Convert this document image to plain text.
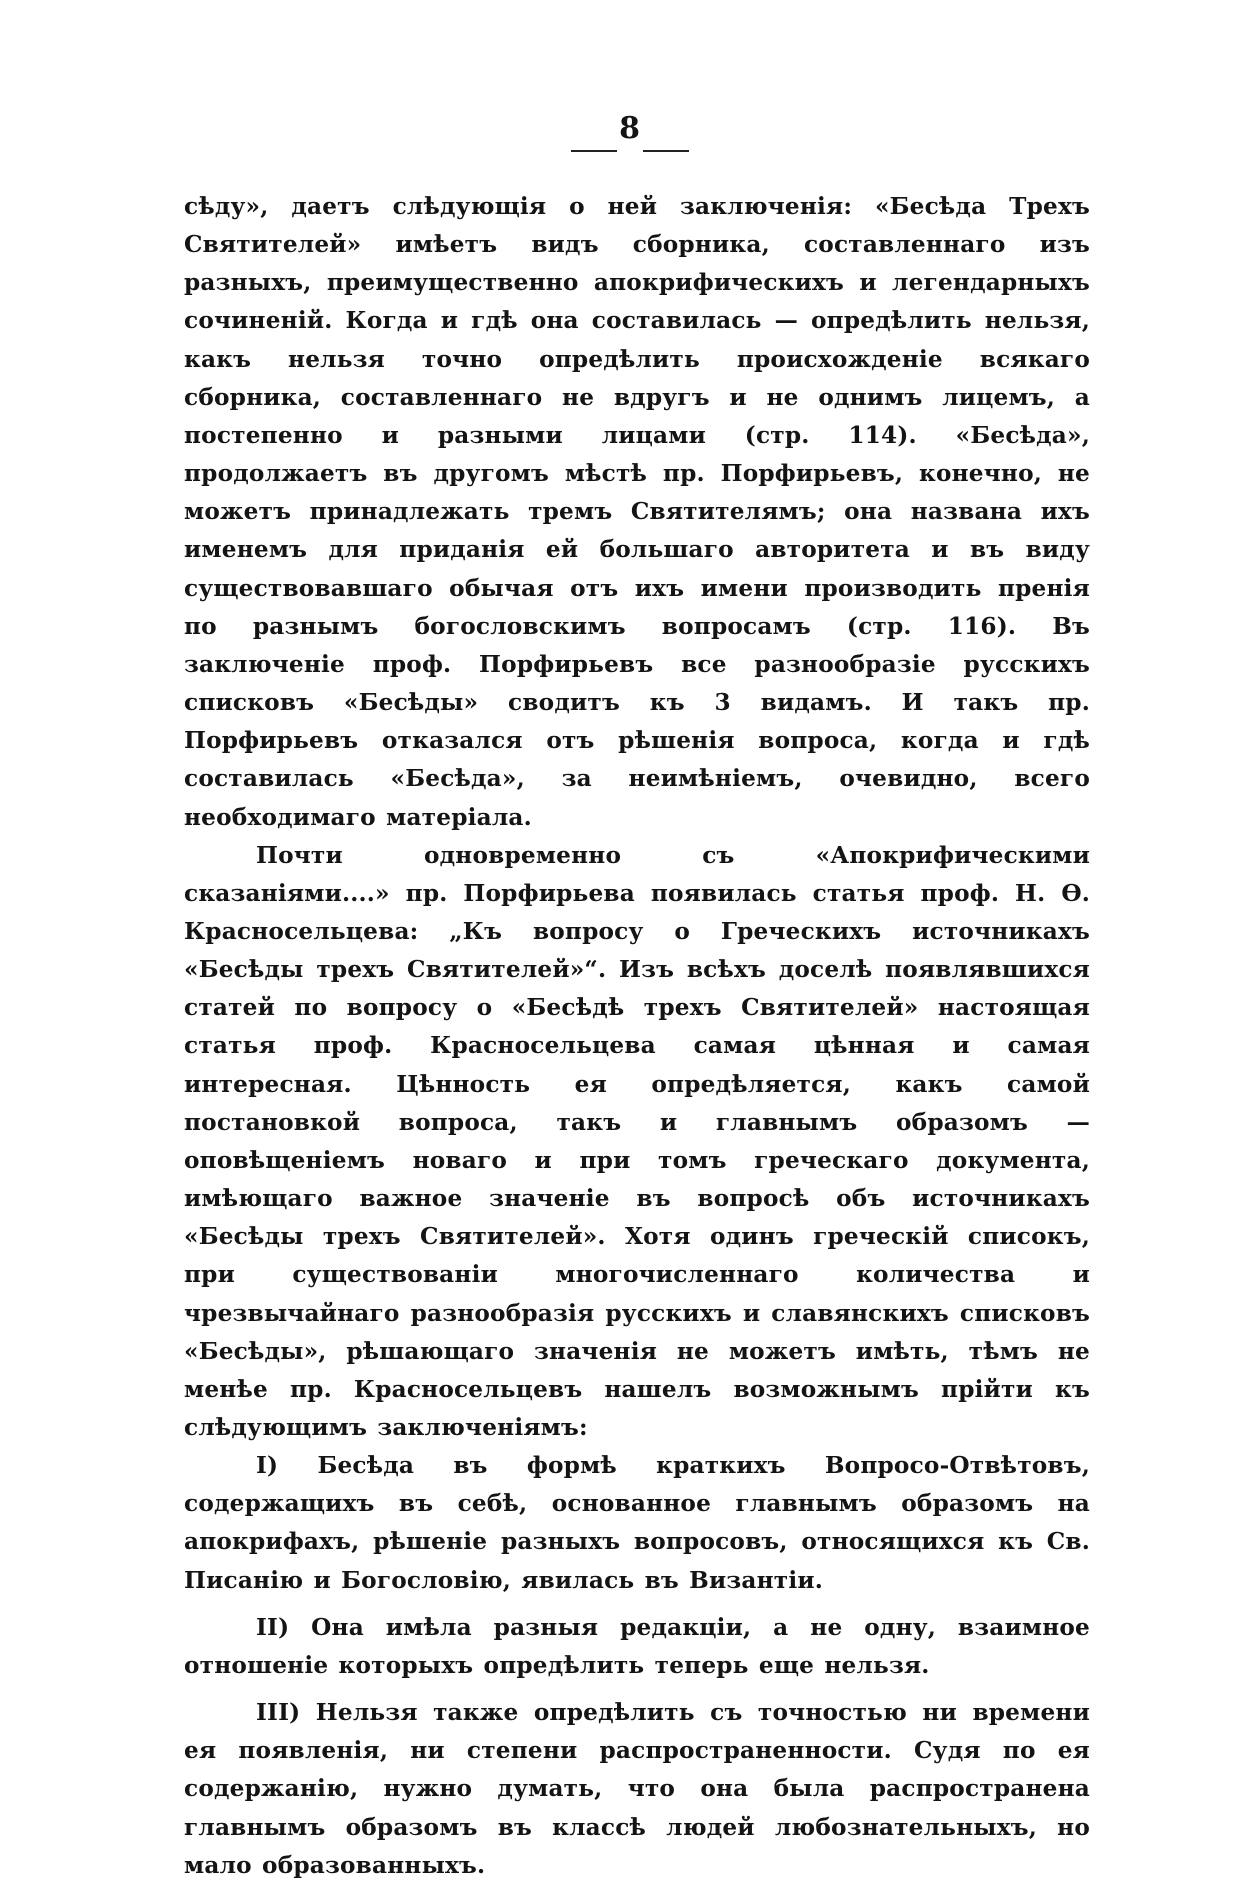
8

сѣду», даетъ слѣдующія о ней заключенія: «Бесѣда Трехъ Святителей» имѣетъ видъ сборника, составленнаго изъ разныхъ, преимущественно апокрифическихъ и легендарныхъ сочиненій. Когда и гдѣ она составилась — опредѣлить нельзя, какъ нельзя точно опредѣлить происхожденіе всякаго сборника, составленнаго не вдругъ и не однимъ лицемъ, а постепенно и разными лицами (стр. 114). «Бесѣда», продолжаетъ въ другомъ мѣстѣ пр. Порфирьевъ, конечно, не можетъ принадлежать тремъ Святителямъ; она названа ихъ именемъ для приданія ей большаго авторитета и въ виду существовавшаго обычая отъ ихъ имени производить пренія по разнымъ богословскимъ вопросамъ (стр. 116). Въ заключеніе проф. Порфирьевъ все разнообразіе русскихъ списковъ «Бесѣды» сводитъ къ 3 видамъ. И такъ пр. Порфирьевъ отказался отъ рѣшенія вопроса, когда и гдѣ составилась «Бесѣда», за неимѣніемъ, очевидно, всего необходимаго матеріала.

Почти одновременно съ «Апокрифическими сказаніями....» пр. Порфирьева появилась статья проф. Н. Ѳ. Красносельцева: „Къ вопросу о Греческихъ источникахъ «Бесѣды трехъ Святителей»“. Изъ всѣхъ доселѣ появлявшихся статей по вопросу о «Бесѣдѣ трехъ Святителей» настоящая статья проф. Красносельцева самая цѣнная и самая интересная. Цѣнность ея опредѣляется, какъ самой постановкой вопроса, такъ и главнымъ образомъ — оповѣщеніемъ новаго и при томъ греческаго документа, имѣющаго важное значеніе въ вопросѣ объ источникахъ «Бесѣды трехъ Святителей». Хотя одинъ греческій списокъ, при существованіи многочисленнаго количества и чрезвычайнаго разнообразія русскихъ и славянскихъ списковъ «Бесѣды», рѣшающаго значенія не можетъ имѣть, тѣмъ не менѣе пр. Красносельцевъ нашелъ возможнымъ прійти къ слѣдующимъ заключеніямъ:

I) Бесѣда въ формѣ краткихъ Вопросо-Отвѣтовъ, содержащихъ въ себѣ, основанное главнымъ образомъ на апокрифахъ, рѣшеніе разныхъ вопросовъ, относящихся къ Св. Писанію и Богословію, явилась въ Византіи.

II) Она имѣла разныя редакціи, а не одну, взаимное отношеніе которыхъ опредѣлить теперь еще нельзя.

III) Нельзя также опредѣлить съ точностью ни времени ея появленія, ни степени распространенности. Судя по ея содержанію, нужно думать, что она была распространена главнымъ образомъ въ классѣ людей любознательныхъ, но мало образованныхъ.
